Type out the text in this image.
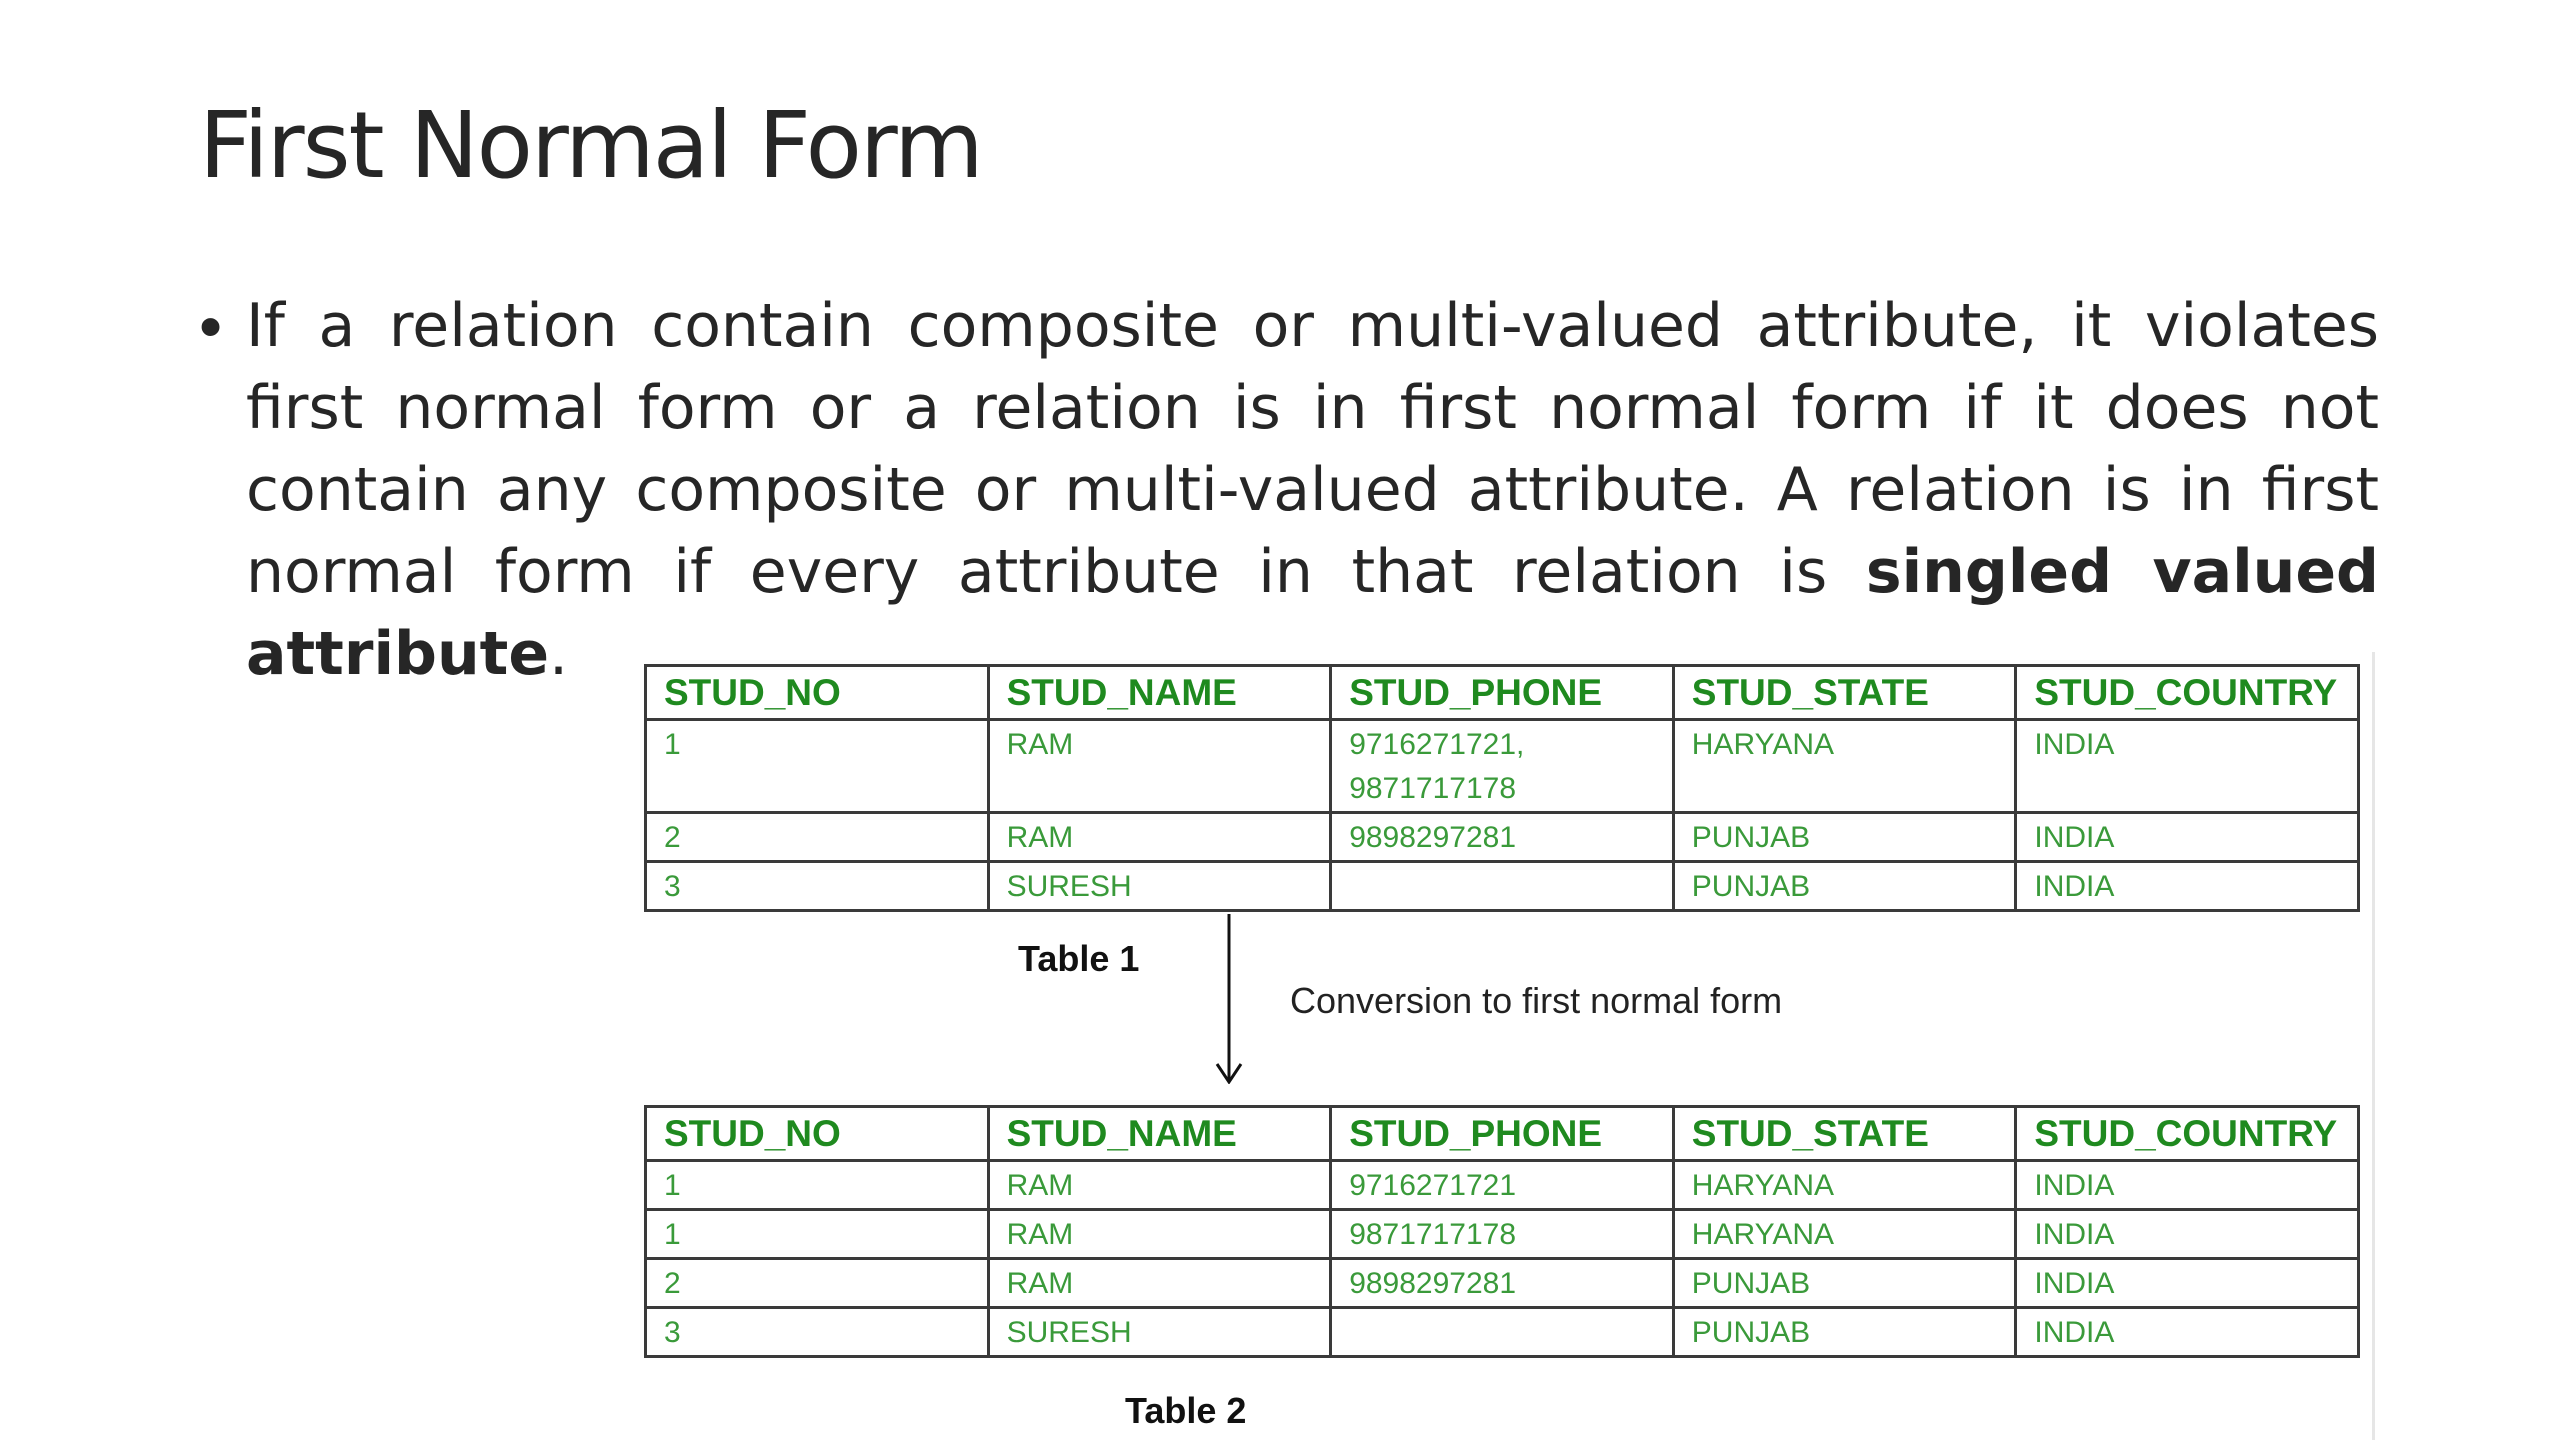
First Normal Form
• If a relation contain composite or multi-valued attribute, it violates first normal form or a relation is in first normal form if it does not contain any composite or multi-valued attribute. A relation is in first normal form if every attribute in that relation is singled valued attribute.

STUD_NO	STUD_NAME	STUD_PHONE	STUD_STATE	STUD_COUNTRY
1	RAM	9716271721, 9871717178	HARYANA	INDIA
2	RAM	9898297281	PUNJAB	INDIA
3	SURESH		PUNJAB	INDIA
Table 1
Conversion to first normal form
STUD_NO	STUD_NAME	STUD_PHONE	STUD_STATE	STUD_COUNTRY
1	RAM	9716271721	HARYANA	INDIA
1	RAM	9871717178	HARYANA	INDIA
2	RAM	9898297281	PUNJAB	INDIA
3	SURESH		PUNJAB	INDIA
Table 2
